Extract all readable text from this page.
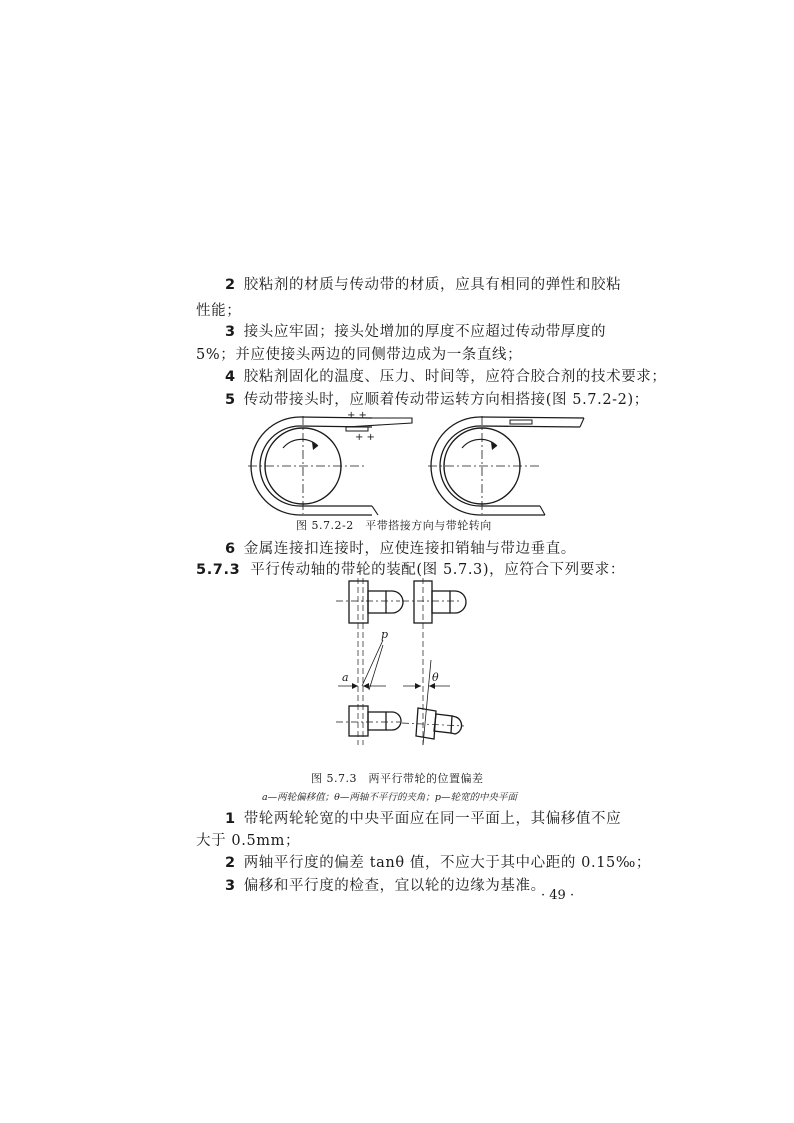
2 胶粘剂的材质与传动带的材质，应具有相同的弹性和胶粘
性能；
3 接头应牢固；接头处增加的厚度不应超过传动带厚度的
5%；并应使接头两边的同侧带边成为一条直线；
4 胶粘剂固化的温度、压力、时间等，应符合胶合剂的技术要求；
5 传动带接头时，应顺着传动带运转方向相搭接(图 5.7.2-2)；
+ +
+ +
图 5.7.2-2　平带搭接方向与带轮转向
6 金属连接扣连接时，应使连接扣销轴与带边垂直。
5.7.3 平行传动轴的带轮的装配(图 5.7.3)，应符合下列要求：
p
a	θ
图 5.7.3　两平行带轮的位置偏差
a—两轮偏移值；θ—两轴不平行的夹角；p—轮宽的中央平面
1 带轮两轮轮宽的中央平面应在同一平面上，其偏移值不应
大于 0.5mm；
2 两轴平行度的偏差 tanθ 值，不应大于其中心距的 0.15‰；
3 偏移和平行度的检查，宜以轮的边缘为基准。
· 49 ·
